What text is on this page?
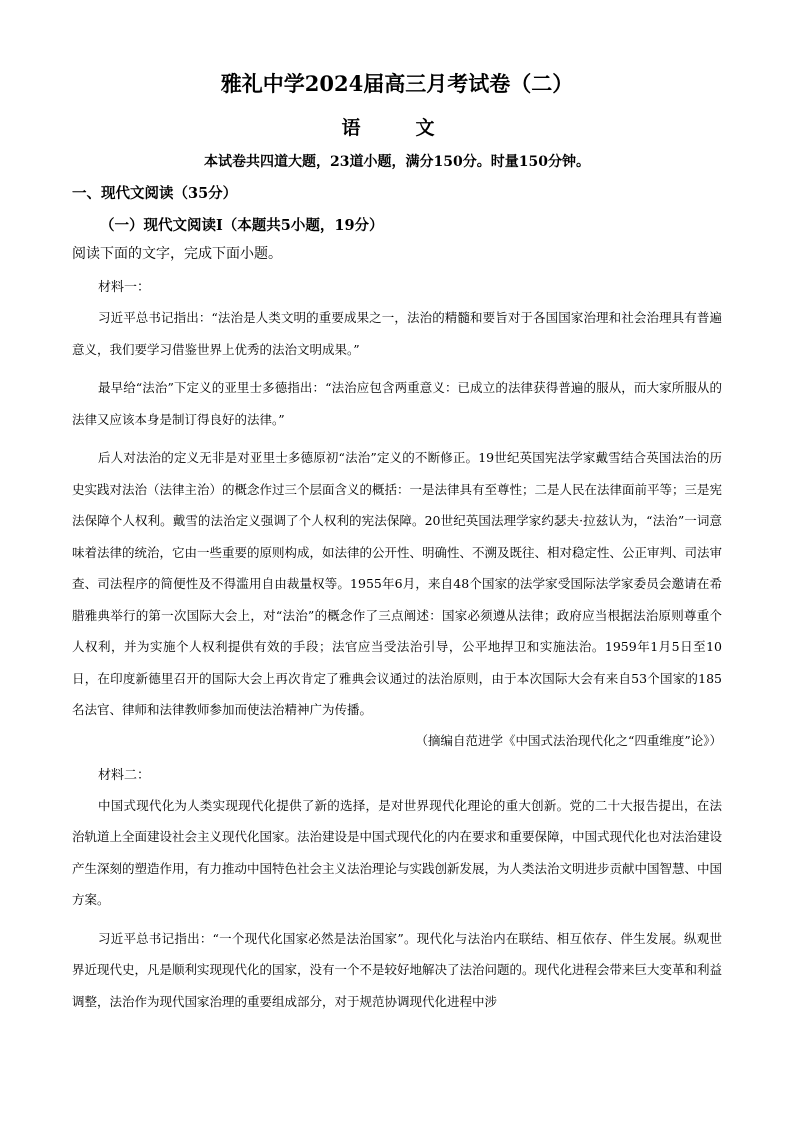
雅礼中学2024届高三月考试卷（二）
语　文
本试卷共四道大题，23道小题，满分150分。时量150分钟。
一、现代文阅读（35分）
（一）现代文阅读Ⅰ（本题共5小题，19分）
阅读下面的文字，完成下面小题。
材料一：

习近平总书记指出：“法治是人类文明的重要成果之一，法治的精髓和要旨对于各国国家治理和社会治理具有普遍意义，我们要学习借鉴世界上优秀的法治文明成果。”

最早给“法治”下定义的亚里士多德指出：“法治应包含两重意义：已成立的法律获得普遍的服从，而大家所服从的法律又应该本身是制订得良好的法律。”

后人对法治的定义无非是对亚里士多德原初“法治”定义的不断修正。19世纪英国宪法学家戴雪结合英国法治的历史实践对法治（法律主治）的概念作过三个层面含义的概括：一是法律具有至尊性；二是人民在法律面前平等；三是宪法保障个人权利。戴雪的法治定义强调了个人权利的宪法保障。20世纪英国法理学家约瑟夫·拉兹认为，“法治”一词意味着法律的统治，它由一些重要的原则构成，如法律的公开性、明确性、不溯及既往、相对稳定性、公正审判、司法审查、司法程序的简便性及不得滥用自由裁量权等。1955年6月，来自48个国家的法学家受国际法学家委员会邀请在希腊雅典举行的第一次国际大会上，对“法治”的概念作了三点阐述：国家必须遵从法律；政府应当根据法治原则尊重个人权利，并为实施个人权利提供有效的手段；法官应当受法治引导，公平地捍卫和实施法治。1959年1月5日至10日，在印度新德里召开的国际大会上再次肯定了雅典会议通过的法治原则，由于本次国际大会有来自53个国家的185名法官、律师和法律教师参加而使法治精神广为传播。

（摘编自范进学《中国式法治现代化之“四重维度”论》）
材料二：

中国式现代化为人类实现现代化提供了新的选择，是对世界现代化理论的重大创新。党的二十大报告提出，在法治轨道上全面建设社会主义现代化国家。法治建设是中国式现代化的内在要求和重要保障，中国式现代化也对法治建设产生深刻的塑造作用，有力推动中国特色社会主义法治理论与实践创新发展，为人类法治文明进步贡献中国智慧、中国方案。

习近平总书记指出：“一个现代化国家必然是法治国家”。现代化与法治内在联结、相互依存、伴生发展。纵观世界近现代史，凡是顺利实现现代化的国家，没有一个不是较好地解决了法治问题的。现代化进程会带来巨大变革和利益调整，法治作为现代国家治理的重要组成部分，对于规范协调现代化进程中涉
